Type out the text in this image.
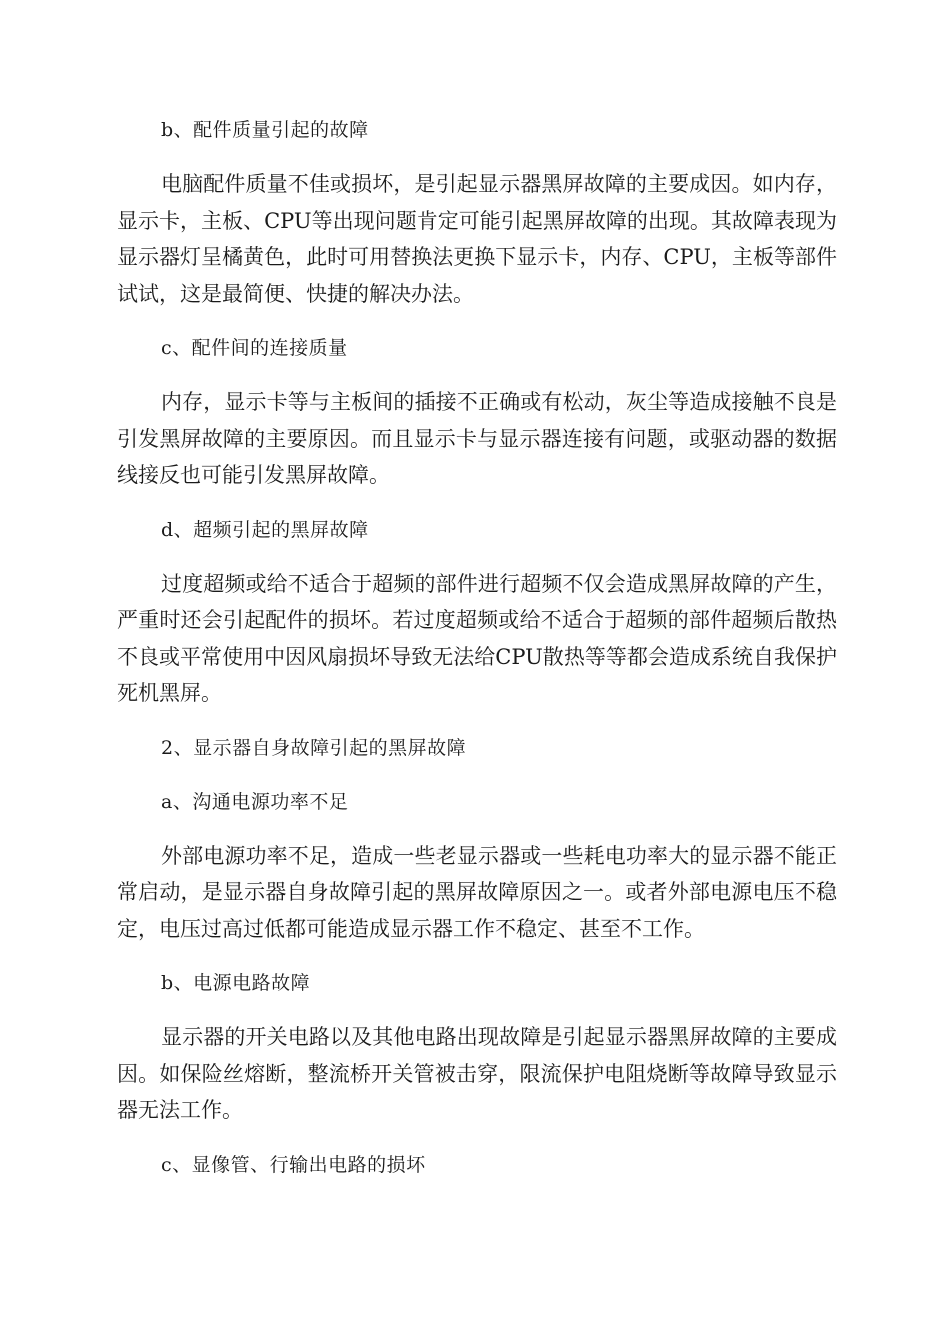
b、配件质量引起的故障

电脑配件质量不佳或损坏，是引起显示器黑屏故障的主要成因。如内存，显示卡，主板、CPU等出现问题肯定可能引起黑屏故障的出现。其故障表现为显示器灯呈橘黄色，此时可用替换法更换下显示卡，内存、CPU，主板等部件试试，这是最简便、快捷的解决办法。

c、配件间的连接质量

内存，显示卡等与主板间的插接不正确或有松动，灰尘等造成接触不良是引发黑屏故障的主要原因。而且显示卡与显示器连接有问题，或驱动器的数据线接反也可能引发黑屏故障。

d、超频引起的黑屏故障

过度超频或给不适合于超频的部件进行超频不仅会造成黑屏故障的产生，严重时还会引起配件的损坏。若过度超频或给不适合于超频的部件超频后散热不良或平常使用中因风扇损坏导致无法给CPU散热等等都会造成系统自我保护死机黑屏。

2、显示器自身故障引起的黑屏故障

a、沟通电源功率不足

外部电源功率不足，造成一些老显示器或一些耗电功率大的显示器不能正常启动，是显示器自身故障引起的黑屏故障原因之一。或者外部电源电压不稳定，电压过高过低都可能造成显示器工作不稳定、甚至不工作。

b、电源电路故障

显示器的开关电路以及其他电路出现故障是引起显示器黑屏故障的主要成因。如保险丝熔断，整流桥开关管被击穿，限流保护电阻烧断等故障导致显示器无法工作。

c、显像管、行输出电路的损坏
